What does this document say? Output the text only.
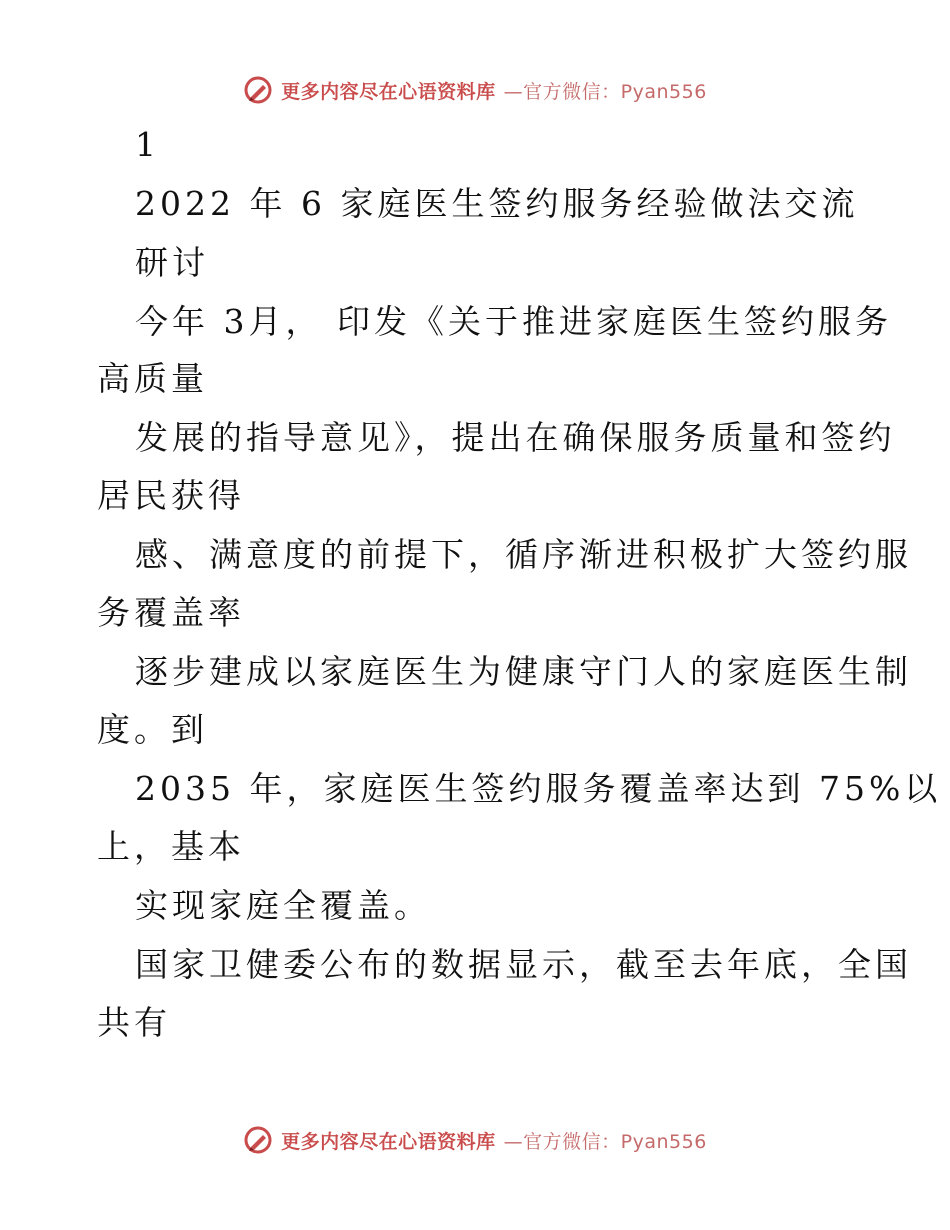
更多内容尽在心语资料库 —官方微信：Pyan556
1
2022 年 6 家庭医生签约服务经验做法交流
研讨
今年 3月， 印发《关于推进家庭医生签约服务
高质量
发展的指导意见》，提出在确保服务质量和签约
居民获得
感、满意度的前提下，循序渐进积极扩大签约服
务覆盖率
逐步建成以家庭医生为健康守门人的家庭医生制
度。到
2035 年，家庭医生签约服务覆盖率达到 75%以
上，基本
实现家庭全覆盖。
国家卫健委公布的数据显示，截至去年底，全国
共有
更多内容尽在心语资料库 —官方微信：Pyan556
